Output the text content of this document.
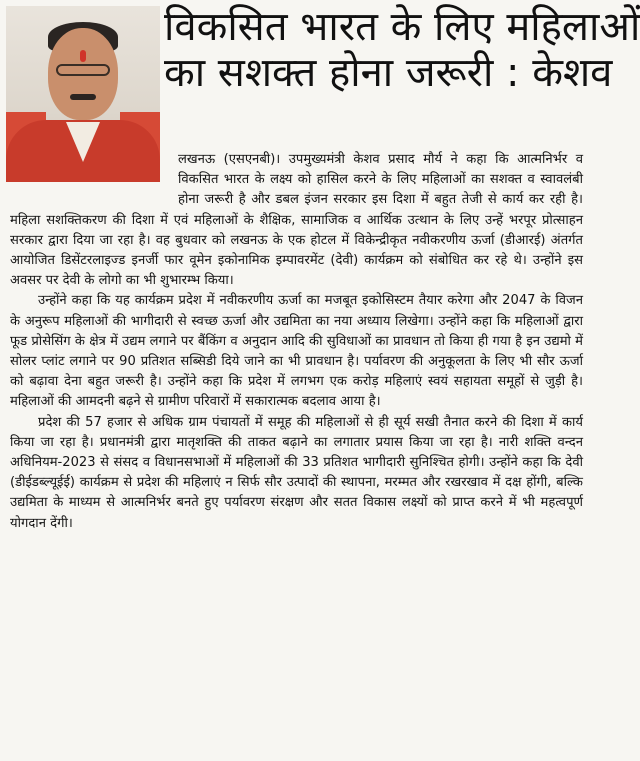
विकसित भारत के लिए महिलाओं
का सशक्त होना जरूरी : केशव

लखनऊ (एसएनबी)। उपमुख्यमंत्री केशव प्रसाद मौर्य ने कहा कि आत्मनिर्भर व विकसित भारत के लक्ष्य को हासिल करने के लिए महिलाओं का सशक्त व स्वावलंबी होना जरूरी है और डबल इंजन सरकार इस दिशा में बहुत तेजी से कार्य कर रही है। महिला सशक्तिकरण की दिशा में एवं महिलाओं के शैक्षिक, सामाजिक व आर्थिक उत्थान के लिए उन्हें भरपूर प्रोत्साहन सरकार द्वारा दिया जा रहा है। वह बुधवार को लखनऊ के एक होटल में विकेन्द्रीकृत नवीकरणीय ऊर्जा (डीआरई) अंतर्गत आयोजित डिसेंटरलाइज्ड इनर्जी फार वूमेन इकोनामिक इम्पावरमेंट (देवी) कार्यक्रम को संबोधित कर रहे थे। उन्होंने इस अवसर पर देवी के लोगो का भी शुभारम्भ किया।

उन्होंने कहा कि यह कार्यक्रम प्रदेश में नवीकरणीय ऊर्जा का मजबूत इकोसिस्टम तैयार करेगा और 2047 के विजन के अनुरूप महिलाओं की भागीदारी से स्वच्छ ऊर्जा और उद्यमिता का नया अध्याय लिखेगा। उन्होंने कहा कि महिलाओं द्वारा फूड प्रोसेसिंग के क्षेत्र में उद्यम लगाने पर बैंकिंग व अनुदान आदि की सुविधाओं का प्रावधान तो किया ही गया है इन उद्यमो में सोलर प्लांट लगाने पर 90 प्रतिशत सब्सिडी दिये जाने का भी प्रावधान है। पर्यावरण की अनुकूलता के लिए भी सौर ऊर्जा को बढ़ावा देना बहुत जरूरी है। उन्होंने कहा कि प्रदेश में लगभग एक करोड़ महिलाएं स्वयं सहायता समूहों से जुड़ी है। महिलाओं की आमदनी बढ़ने से ग्रामीण परिवारों में सकारात्मक बदलाव आया है।

प्रदेश की 57 हजार से अधिक ग्राम पंचायतों में समूह की महिलाओं से ही सूर्य सखी तैनात करने की दिशा में कार्य किया जा रहा है। प्रधानमंत्री द्वारा मातृशक्ति की ताकत बढ़ाने का लगातार प्रयास किया जा रहा है। नारी शक्ति वन्दन अधिनियम-2023 से संसद व विधानसभाओं में महिलाओं की 33 प्रतिशत भागीदारी सुनिश्चित होगी। उन्होंने कहा कि देवी (डीईडब्ल्यूईई) कार्यक्रम से प्रदेश की महिलाएं न सिर्फ सौर उत्पादों की स्थापना, मरम्मत और रखरखाव में दक्ष होंगी, बल्कि उद्यमिता के माध्यम से आत्मनिर्भर बनते हुए पर्यावरण संरक्षण और सतत विकास लक्ष्यों को प्राप्त करने में भी महत्वपूर्ण योगदान देंगी।
